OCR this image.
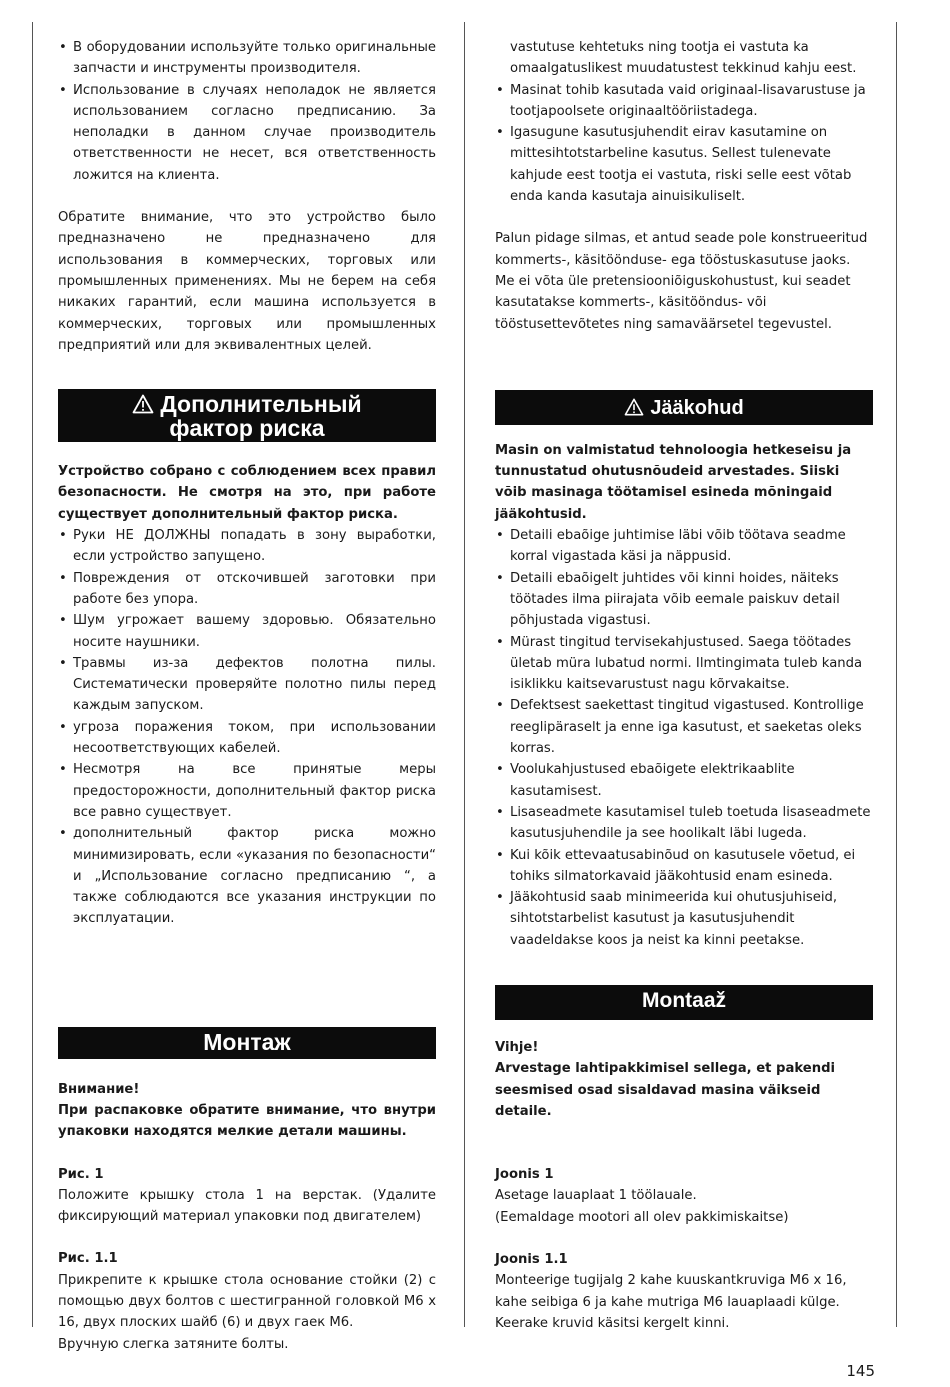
• В оборудовании используйте только оригинальные запчасти и инструменты производителя.
• Использование в случаях неполадок не является использованием согласно предписанию. За неполадки в данном случае производитель ответственности не несет, вся ответственность ложится на клиента.

Обратите внимание, что это устройство было предназначено не предназначено для использования в коммерческих, торговых или промышленных применениях. Мы не берем на себя никаких гарантий, если машина используется в коммерческих, торговых или промышленных предприятий или для эквивалентных целей.

Дополнительный
фактор риска

Устройство собрано с соблюдением всех правил безопасности. Не смотря на это, при работе существует дополнительный фактор риска.

• Руки НЕ ДОЛЖНЫ попадать в зону выработки, если устройство запущено.
• Повреждения от отскочившей заготовки при работе без упора.
• Шум угрожает вашему здоровью. Обязательно носите наушники.
• Травмы из-за дефектов полотна пилы. Систематически проверяйте полотно пилы перед каждым запуском.
• угроза поражения током, при использовании несоответствующих кабелей.
• Несмотря на все принятые меры предосторожности, дополнительный фактор риска все равно существует.
• дополнительный фактор риска можно минимизировать, если «указания по безопасности“ и „Использование согласно предписанию “, а также соблюдаются все указания инструкции по эксплуатации.
Монтаж

Внимание!

При распаковке обратите внимание, что внутри упаковки находятся мелкие детали машины.

Рис. 1

Положите крышку стола 1 на верстак. (Удалите фиксирующий материал упаковки под двигателем)

Рис. 1.1

Прикрепите к крышке стола основание стойки (2) с помощью двух болтов с шестигранной головкой М6 х 16, двух плоских шайб (6) и двух гаек М6.

Вручную слегка затяните болты.

vastutuse kehtetuks ning tootja ei vastuta ka omaalgatuslikest muudatustest tekkinud kahju eest.
• Masinat tohib kasutada vaid originaal-lisavarustuse ja tootjapoolsete originaaltööriistadega.
• Igasugune kasutusjuhendit eirav kasutamine on mittesihtotstarbeline kasutus. Sellest tulenevate kahjude eest tootja ei vastuta, riski selle eest võtab enda kanda kasutaja ainuisikuliselt.

Palun pidage silmas, et antud seade pole konstrueeritud kommerts-, käsitöönduse- ega tööstuskasutuse jaoks. Me ei võta üle pretensiooniõiguskohustust, kui seadet kasutatakse kommerts-, käsitööndus- või tööstusettevõtetes ning samaväärsetel tegevustel.

Jääkohud

Masin on valmistatud tehnoloogia hetkeseisu ja tunnustatud ohutusnõudeid arvestades. Siiski võib masinaga töötamisel esineda mõningaid jääkohtusid.

• Detaili ebaõige juhtimise läbi võib töötava seadme korral vigastada käsi ja näppusid.
• Detaili ebaõigelt juhtides või kinni hoides, näiteks töötades ilma piirajata võib eemale paiskuv detail põhjustada vigastusi.
• Mürast tingitud tervisekahjustused. Saega töötades ületab müra lubatud normi. Ilmtingimata tuleb kanda isiklikku kaitsevarustust nagu kõrvakaitse.
• Defektsest saekettast tingitud vigastused. Kontrollige reeglipäraselt ja enne iga kasutust, et saeketas oleks korras.
• Voolukahjustused ebaõigete elektrikaablite kasutamisest.
• Lisaseadmete kasutamisel tuleb toetuda lisaseadmete kasutusjuhendile ja see hoolikalt läbi lugeda.
• Kui kõik ettevaatusabinõud on kasutusele võetud, ei tohiks silmatorkavaid jääkohtusid enam esineda.
• Jääkohtusid saab minimeerida kui ohutusjuhiseid, sihtotstarbelist kasutust ja kasutusjuhendit vaadeldakse koos ja neist ka kinni peetakse.
Montaaž

Vihje!

Arvestage lahtipakkimisel sellega, et pakendi seesmised osad sisaldavad masina väikseid detaile.

Joonis 1

Asetage lauaplaat 1 töölauale.

(Eemaldage mootori all olev pakkimiskaitse)

Joonis 1.1

Monteerige tugijalg 2 kahe kuuskantkruviga M6 x 16, kahe seibiga 6 ja kahe mutriga M6 lauaplaadi külge.

Keerake kruvid käsitsi kergelt kinni.

145
